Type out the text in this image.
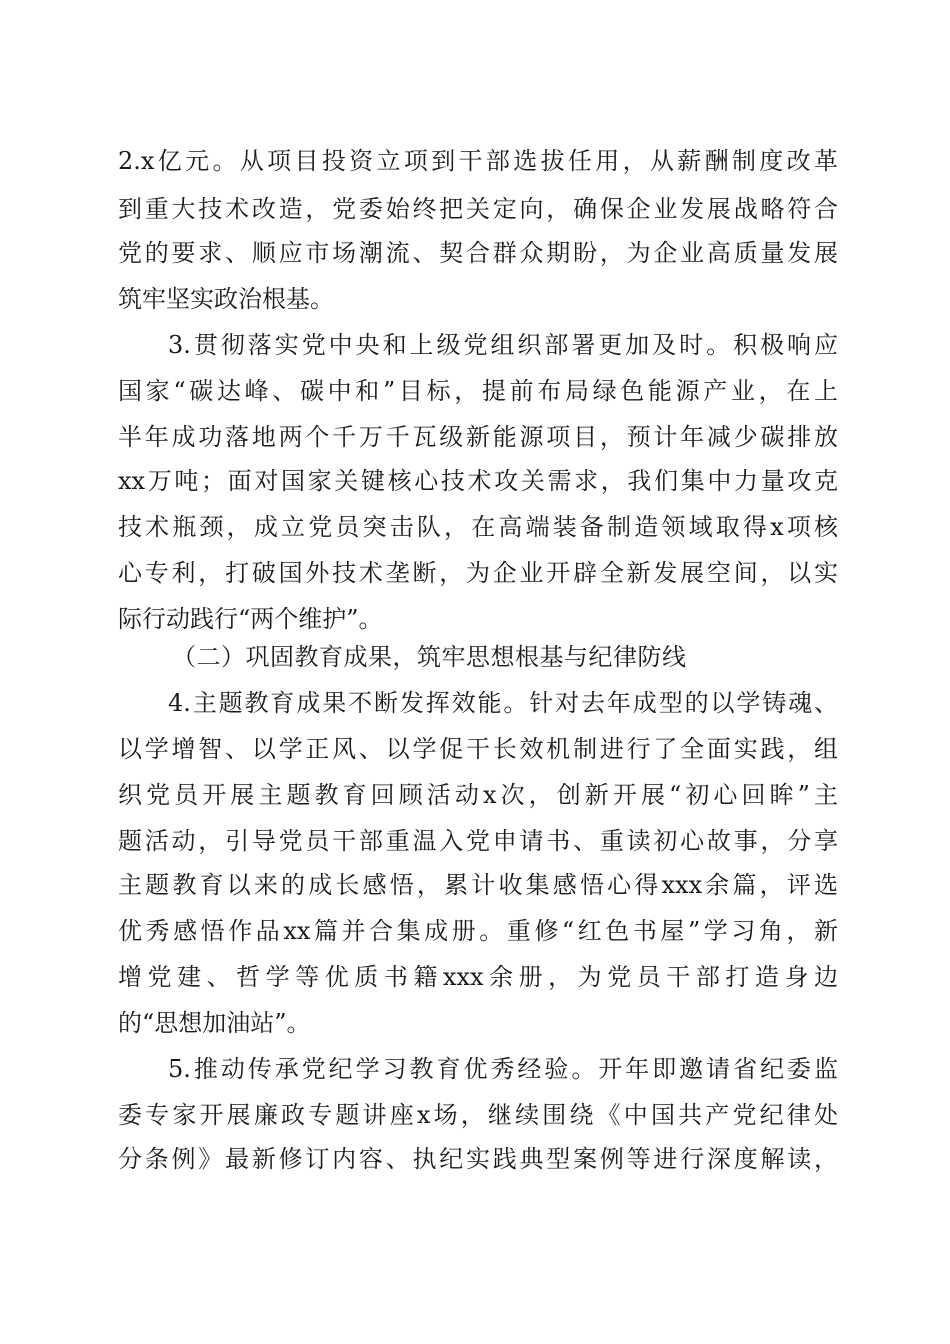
2.x亿元。从项目投资立项到干部选拔任用，从薪酬制度改革
到重大技术改造，党委始终把关定向，确保企业发展战略符合
党的要求、顺应市场潮流、契合群众期盼，为企业高质量发展
筑牢坚实政治根基。
3.贯彻落实党中央和上级党组织部署更加及时。积极响应
国家“碳达峰、碳中和”目标，提前布局绿色能源产业，在上
半年成功落地两个千万千瓦级新能源项目，预计年减少碳排放
xx万吨；面对国家关键核心技术攻关需求，我们集中力量攻克
技术瓶颈，成立党员突击队，在高端装备制造领域取得x项核
心专利，打破国外技术垄断，为企业开辟全新发展空间，以实
际行动践行“两个维护”。
（二）巩固教育成果，筑牢思想根基与纪律防线
4.主题教育成果不断发挥效能。针对去年成型的以学铸魂、
以学增智、以学正风、以学促干长效机制进行了全面实践，组
织党员开展主题教育回顾活动x次，创新开展“初心回眸”主
题活动，引导党员干部重温入党申请书、重读初心故事，分享
主题教育以来的成长感悟，累计收集感悟心得xxx余篇，评选
优秀感悟作品xx篇并合集成册。重修“红色书屋”学习角，新
增党建、哲学等优质书籍xxx余册，为党员干部打造身边
的“思想加油站”。
5.推动传承党纪学习教育优秀经验。开年即邀请省纪委监
委专家开展廉政专题讲座x场，继续围绕《中国共产党纪律处
分条例》最新修订内容、执纪实践典型案例等进行深度解读，
